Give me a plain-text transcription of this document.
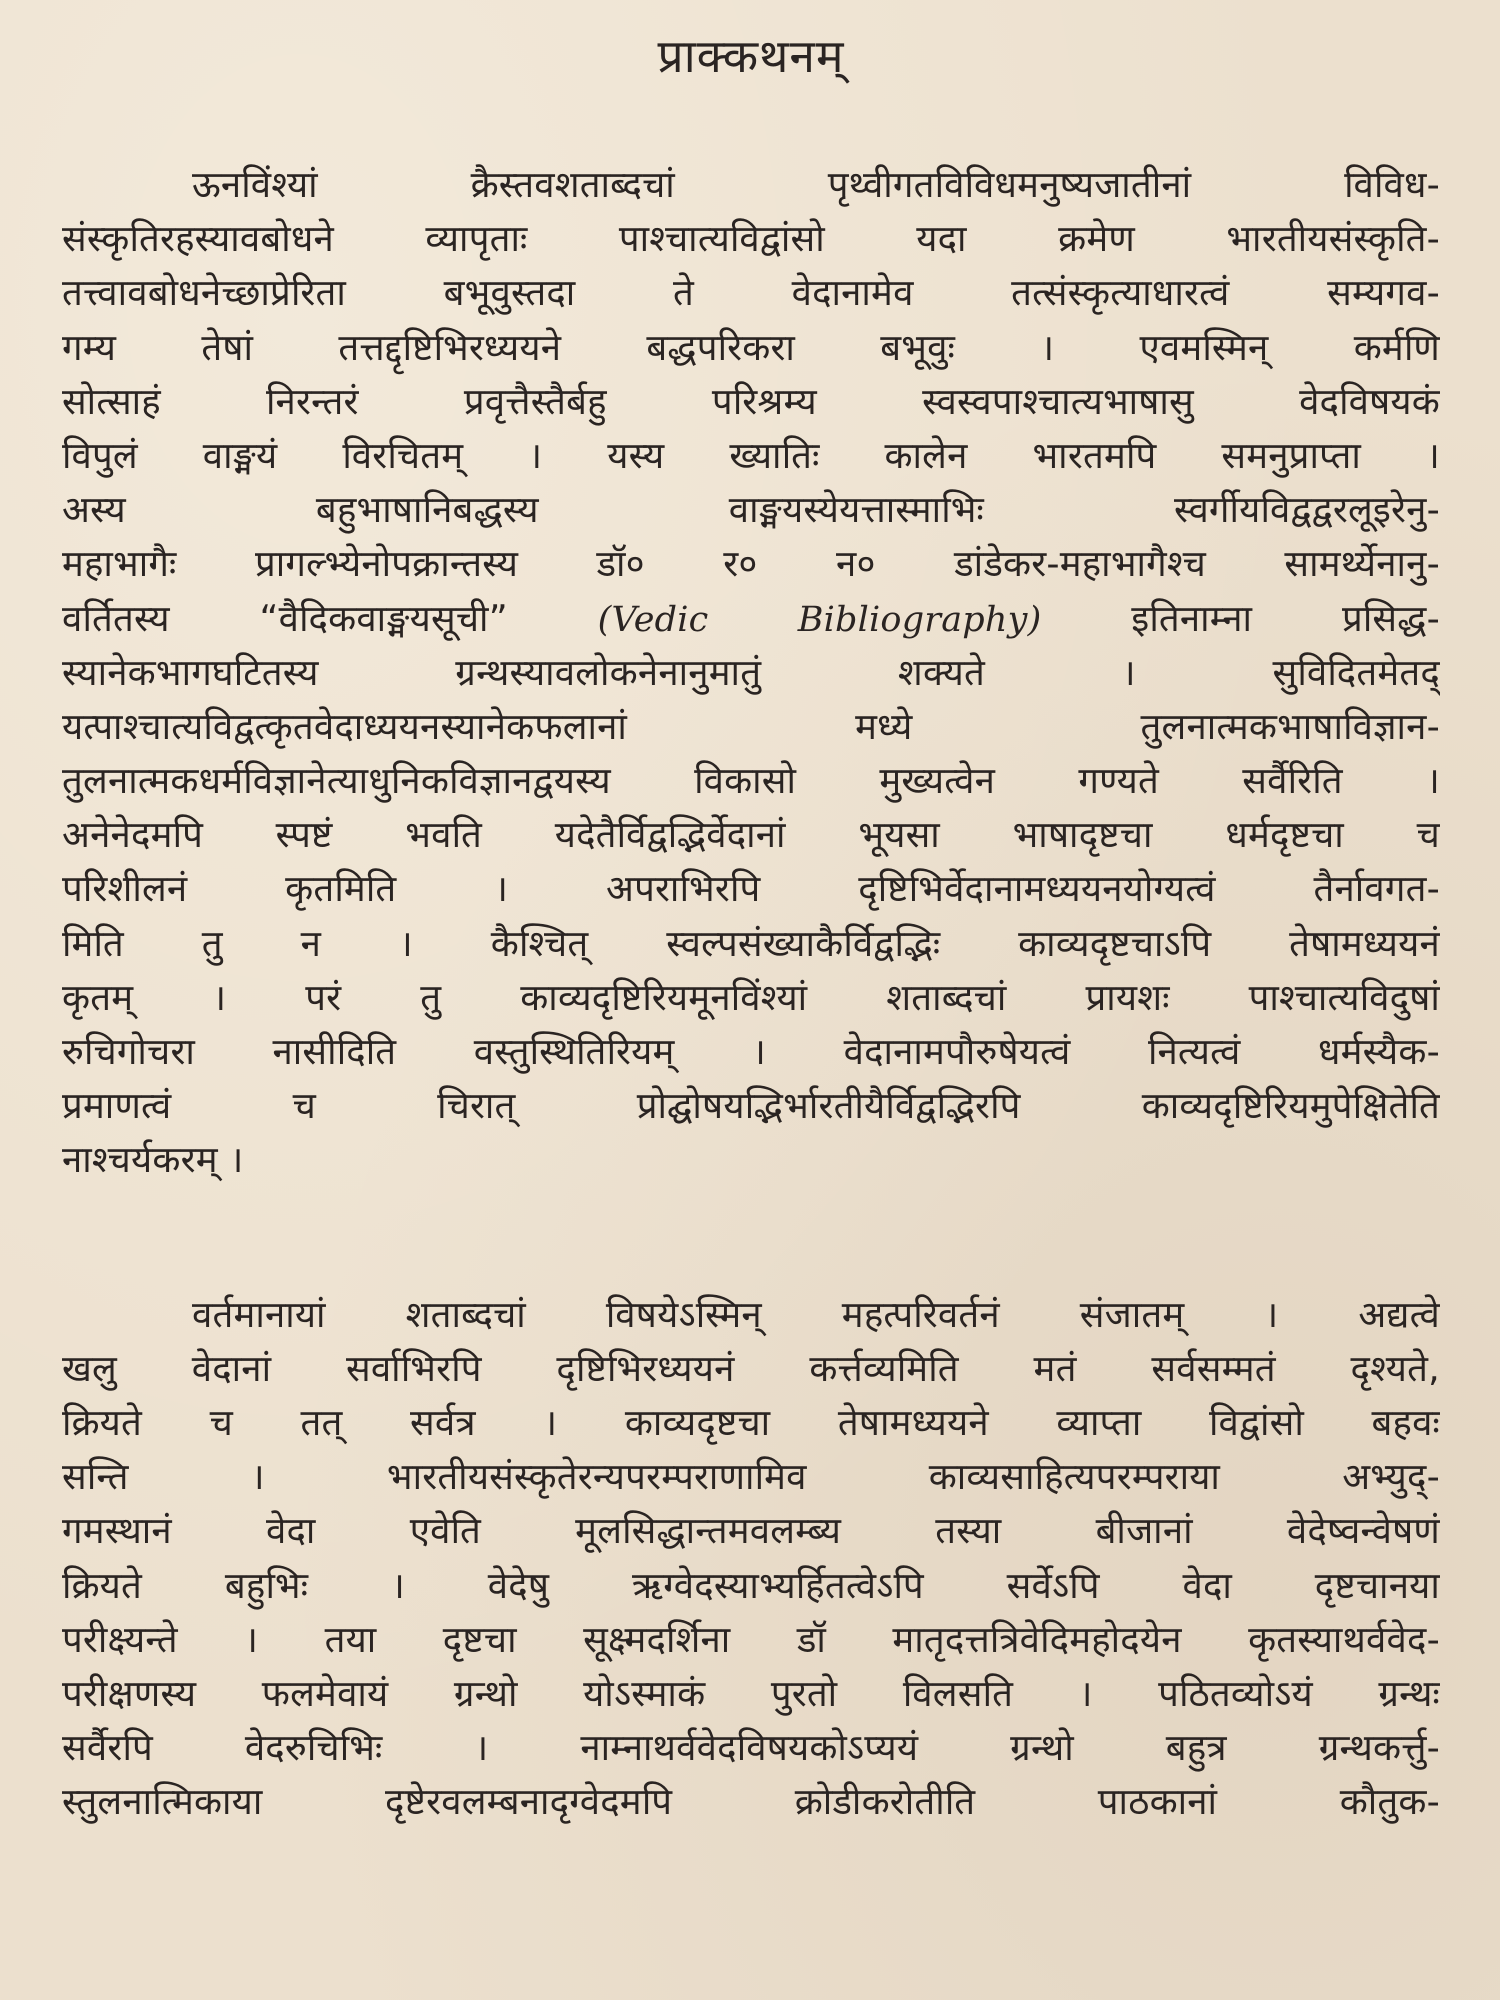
प्राक्कथनम्
ऊनविंश्यां क्रैस्तवशताब्दचां पृथ्वीगतविविधमनुष्यजातीनां विविध-
संस्कृतिरहस्यावबोधने व्यापृताः पाश्चात्यविद्वांसो यदा क्रमेण भारतीयसंस्कृति-
तत्त्वावबोधनेच्छाप्रेरिता बभूवुस्तदा ते वेदानामेव तत्संस्कृत्याधारत्वं सम्यगव-
गम्य तेषां तत्तद्दृष्टिभिरध्ययने बद्धपरिकरा बभूवुः । एवमस्मिन् कर्मणि
सोत्साहं निरन्तरं प्रवृत्तैस्तैर्बहु परिश्रम्य स्वस्वपाश्चात्यभाषासु वेदविषयकं
विपुलं वाङ्मयं विरचितम् । यस्य ख्यातिः कालेन भारतमपि समनुप्राप्ता ।
अस्य बहुभाषानिबद्धस्य वाङ्मयस्येयत्तास्माभिः स्वर्गीयविद्वद्वरलूइरेनु-
महाभागैः प्रागल्भ्येनोपक्रान्तस्य डॉ० र० न० डांडेकर-महाभागैश्च सामर्थ्येनानु-
वर्तितस्य “वैदिकवाङ्मयसूची”	(Vedic Bibliography) इतिनाम्ना प्रसिद्ध-
स्यानेकभागघटितस्य ग्रन्थस्यावलोकनेनानुमातुं शक्यते । सुविदितमेतद्
यत्पाश्चात्यविद्वत्कृतवेदाध्ययनस्यानेकफलानां मध्ये तुलनात्मकभाषाविज्ञान-
तुलनात्मकधर्मविज्ञानेत्याधुनिकविज्ञानद्वयस्य विकासो मुख्यत्वेन गण्यते सर्वैरिति ।
अनेनेदमपि स्पष्टं भवति यदेतैर्विद्वद्भिर्वेदानां भूयसा भाषादृष्टचा धर्मदृष्टचा च
परिशीलनं कृतमिति । अपराभिरपि दृष्टिभिर्वेदानामध्ययनयोग्यत्वं तैर्नावगत-
मिति तु न । कैश्चित् स्वल्पसंख्याकैर्विद्वद्भिः काव्यदृष्टचाऽपि तेषामध्ययनं
कृतम् । परं तु काव्यदृष्टिरियमूनविंश्यां शताब्दचां प्रायशः पाश्चात्यविदुषां
रुचिगोचरा नासीदिति वस्तुस्थितिरियम् । वेदानामपौरुषेयत्वं नित्यत्वं धर्मस्यैक-
प्रमाणत्वं च चिरात् प्रोद्घोषयद्भिर्भारतीयैर्विद्वद्भिरपि काव्यदृष्टिरियमुपेक्षितेति
नाश्चर्यकरम् ।
वर्तमानायां शताब्दचां विषयेऽस्मिन् महत्परिवर्तनं संजातम् । अद्यत्वे
खलु वेदानां सर्वाभिरपि दृष्टिभिरध्ययनं कर्त्तव्यमिति मतं सर्वसम्मतं दृश्यते,
क्रियते च तत् सर्वत्र । काव्यदृष्टचा तेषामध्ययने व्याप्ता विद्वांसो बहवः
सन्ति । भारतीयसंस्कृतेरन्यपरम्पराणामिव काव्यसाहित्यपरम्पराया अभ्युद्-
गमस्थानं वेदा एवेति मूलसिद्धान्तमवलम्ब्य तस्या बीजानां वेदेष्वन्वेषणं
क्रियते बहुभिः । वेदेषु ऋग्वेदस्याभ्यर्हितत्वेऽपि सर्वेऽपि वेदा दृष्टचानया
परीक्ष्यन्ते । तया दृष्टचा सूक्ष्मदर्शिना डॉ मातृदत्तत्रिवेदिमहोदयेन कृतस्याथर्ववेद-
परीक्षणस्य फलमेवायं ग्रन्थो योऽस्माकं पुरतो विलसति । पठितव्योऽयं ग्रन्थः
सर्वैरपि वेदरुचिभिः । नाम्नाथर्ववेदविषयकोऽप्ययं ग्रन्थो बहुत्र ग्रन्थकर्त्तु-
स्तुलनात्मिकाया दृष्टेरवलम्बनादृग्वेदमपि क्रोडीकरोतीति पाठकानां कौतुक-
